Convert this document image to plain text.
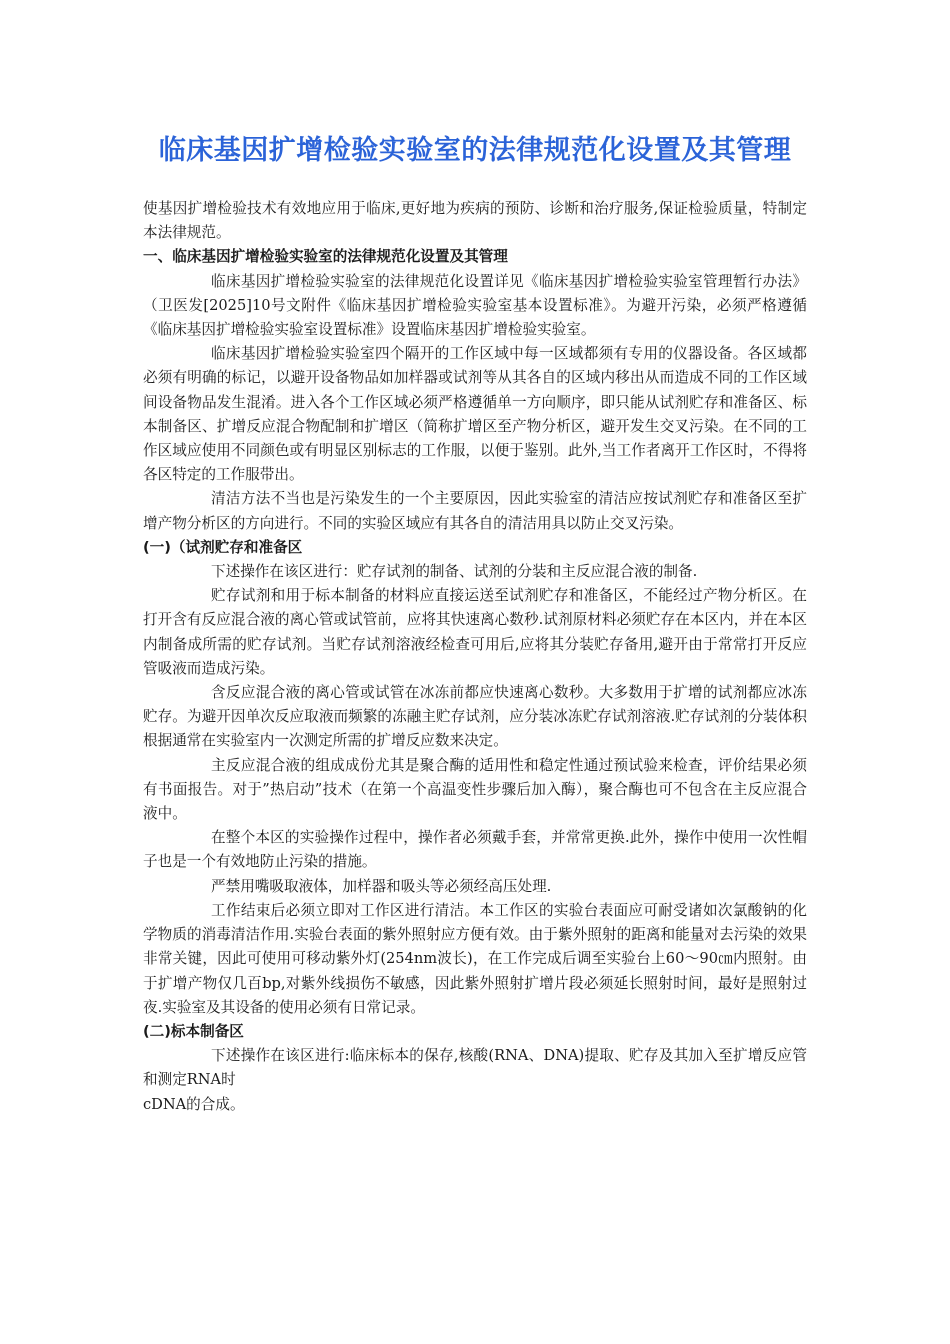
临床基因扩增检验实验室的法律规范化设置及其管理

使基因扩增检验技术有效地应用于临床,更好地为疾病的预防、诊断和治疗服务,保证检验质量，特制定本法律规范。

一、临床基因扩增检验实验室的法律规范化设置及其管理

临床基因扩增检验实验室的法律规范化设置详见《临床基因扩增检验实验室管理暂行办法》（卫医发[2025]10号文附件《临床基因扩增检验实验室基本设置标准》。为避开污染，必须严格遵循《临床基因扩增检验实验室设置标准》设置临床基因扩增检验实验室。

临床基因扩增检验实验室四个隔开的工作区域中每一区域都须有专用的仪器设备。各区域都必须有明确的标记，以避开设备物品如加样器或试剂等从其各自的区域内移出从而造成不同的工作区域间设备物品发生混淆。进入各个工作区域必须严格遵循单一方向顺序，即只能从试剂贮存和准备区、标本制备区、扩增反应混合物配制和扩增区（简称扩增区至产物分析区，避开发生交叉污染。在不同的工作区域应使用不同颜色或有明显区别标志的工作服，以便于鉴别。此外,当工作者离开工作区时，不得将各区特定的工作服带出。

清洁方法不当也是污染发生的一个主要原因，因此实验室的清洁应按试剂贮存和准备区至扩增产物分析区的方向进行。不同的实验区域应有其各自的清洁用具以防止交叉污染。

(一)（试剂贮存和准备区

下述操作在该区进行：贮存试剂的制备、试剂的分装和主反应混合液的制备.

贮存试剂和用于标本制备的材料应直接运送至试剂贮存和准备区，不能经过产物分析区。在打开含有反应混合液的离心管或试管前，应将其快速离心数秒.试剂原材料必须贮存在本区内，并在本区内制备成所需的贮存试剂。当贮存试剂溶液经检查可用后,应将其分装贮存备用,避开由于常常打开反应管吸液而造成污染。

含反应混合液的离心管或试管在冰冻前都应快速离心数秒。大多数用于扩增的试剂都应冰冻贮存。为避开因单次反应取液而频繁的冻融主贮存试剂，应分装冰冻贮存试剂溶液.贮存试剂的分装体积根据通常在实验室内一次测定所需的扩增反应数来决定。

主反应混合液的组成成份尤其是聚合酶的适用性和稳定性通过预试验来检查，评价结果必须有书面报告。对于”热启动”技术（在第一个高温变性步骤后加入酶），聚合酶也可不包含在主反应混合液中。

在整个本区的实验操作过程中，操作者必须戴手套，并常常更换.此外，操作中使用一次性帽子也是一个有效地防止污染的措施。

严禁用嘴吸取液体，加样器和吸头等必须经高压处理.

工作结束后必须立即对工作区进行清洁。本工作区的实验台表面应可耐受诸如次氯酸钠的化学物质的消毒清洁作用.实验台表面的紫外照射应方便有效。由于紫外照射的距离和能量对去污染的效果非常关键，因此可使用可移动紫外灯(254nm波长)，在工作完成后调至实验台上60～90㎝内照射。由于扩增产物仅几百bp,对紫外线损伤不敏感，因此紫外照射扩增片段必须延长照射时间，最好是照射过夜.实验室及其设备的使用必须有日常记录。

(二)标本制备区

下述操作在该区进行:临床标本的保存,核酸(RNA、DNA)提取、贮存及其加入至扩增反应管和测定RNA时

cDNA的合成。
